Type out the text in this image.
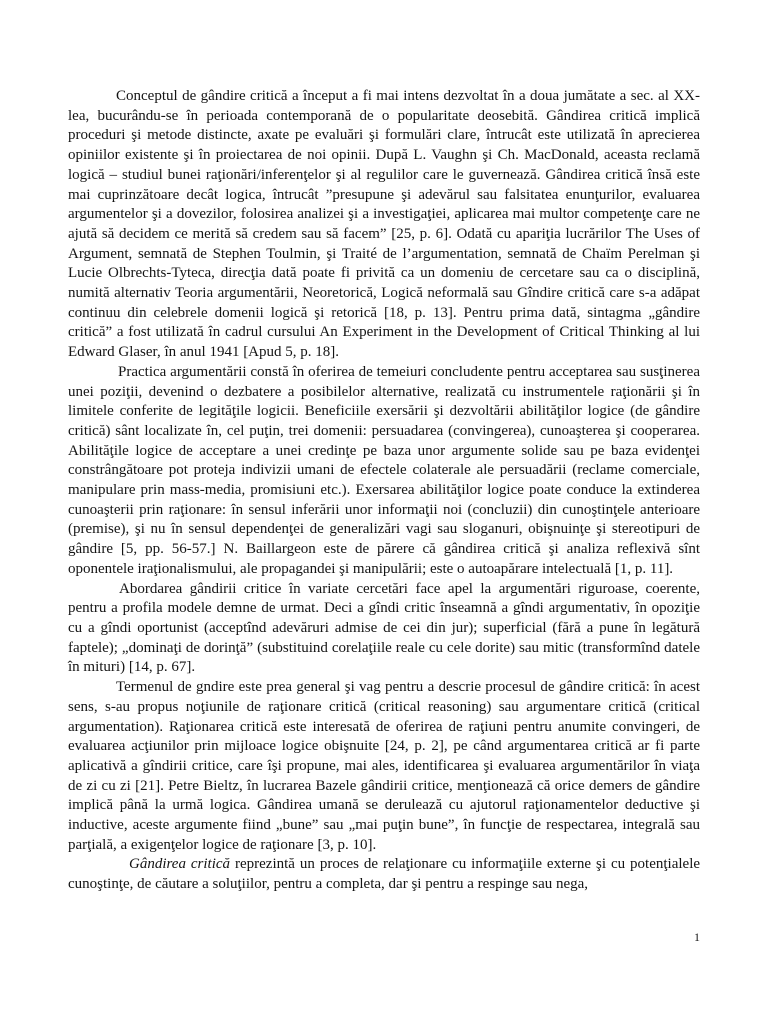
Conceptul de gândire critică a început a fi mai intens dezvoltat în a doua jumătate a sec. al XX-lea, bucurându-se în perioada contemporană de o popularitate deosebită. Gândirea critică implică proceduri şi metode distincte, axate pe evaluări şi formulări clare, întrucât este utilizată în aprecierea opiniilor existente şi în proiectarea de noi opinii. După L. Vaughn şi Ch. MacDonald, aceasta reclamă logică – studiul bunei raţionări/inferenţelor şi al regulilor care le guvernează. Gândirea critică însă este mai cuprinzătoare decât logica, întrucât ”presupune şi adevărul sau falsitatea enunţurilor, evaluarea argumentelor şi a dovezilor, folosirea analizei şi a investigaţiei, aplicarea mai multor competenţe care ne ajută să decidem ce merită să credem sau să facem” [25, p. 6]. Odată cu apariţia lucrărilor The Uses of Argument, semnată de Stephen Toulmin, şi Traité de l’argumentation, semnată de Chaïm Perelman şi Lucie Olbrechts-Tyteca, direcţia dată poate fi privită ca un domeniu de cercetare sau ca o disciplină, numită alternativ Teoria argumentării, Neoretorică, Logică neformală sau Gîndire critică care s-a adăpat continuu din celebrele domenii logică şi retorică [18, p. 13]. Pentru prima dată, sintagma „gândire critică” a fost utilizată în cadrul cursului An Experiment in the Development of Critical Thinking al lui Edward Glaser, în anul 1941 [Apud 5, p. 18].

Practica argumentării constă în oferirea de temeiuri concludente pentru acceptarea sau susţinerea unei poziţii, devenind o dezbatere a posibilelor alternative, realizată cu instrumentele raţionării şi în limitele conferite de legităţile logicii. Beneficiile exersării şi dezvoltării abilităţilor logice (de gândire critică) sânt localizate în, cel puţin, trei domenii: persuadarea (convingerea), cunoaşterea şi cooperarea. Abilităţile logice de acceptare a unei credinţe pe baza unor argumente solide sau pe baza evidenţei constrângătoare pot proteja indivizii umani de efectele colaterale ale persuadării (reclame comerciale, manipulare prin mass-media, promisiuni etc.). Exersarea abilităţilor logice poate conduce la extinderea cunoaşterii prin raţionare: în sensul inferării unor informaţii noi (concluzii) din cunoştinţele anterioare (premise), şi nu în sensul dependenţei de generalizări vagi sau sloganuri, obişnuinţe şi stereotipuri de gândire [5, pp. 56-57.] N. Baillargeon este de părere că gândirea critică şi analiza reflexivă sînt oponentele iraţionalismului, ale propagandei şi manipulării; este o autoapărare intelectuală [1, p. 11].

Abordarea gândirii critice în variate cercetări face apel la argumentări riguroase, coerente, pentru a profila modele demne de urmat. Deci a gîndi critic înseamnă a gîndi argumentativ, în opoziţie cu a gîndi oportunist (acceptînd adevăruri admise de cei din jur); superficial (fără a pune în legătură faptele); „dominaţi de dorinţă” (substituind corelaţiile reale cu cele dorite) sau mitic (transformînd datele în mituri) [14, p. 67].

Termenul de gndire este prea general şi vag pentru a descrie procesul de gândire critică: în acest sens, s-au propus noţiunile de raţionare critică (critical reasoning) sau argumentare critică (critical argumentation). Raţionarea critică este interesată de oferirea de raţiuni pentru anumite convingeri, de evaluarea acţiunilor prin mijloace logice obişnuite [24, p. 2], pe când argumentarea critică ar fi parte aplicativă a gîndirii critice, care îşi propune, mai ales, identificarea şi evaluarea argumentărilor în viaţa de zi cu zi [21]. Petre Bieltz, în lucrarea Bazele gândirii critice, menţionează că orice demers de gândire implică până la urmă logica. Gândirea umană se derulează cu ajutorul raţionamentelor deductive şi inductive, aceste argumente fiind „bune” sau „mai puţin bune”, în funcţie de respectarea, integrală sau parţială, a exigenţelor logice de raţionare [3, p. 10].

Gândirea critică reprezintă un proces de relaţionare cu informaţiile externe şi cu potenţialele cunoştinţe, de căutare a soluţiilor, pentru a completa, dar şi pentru a respinge sau nega,

1
